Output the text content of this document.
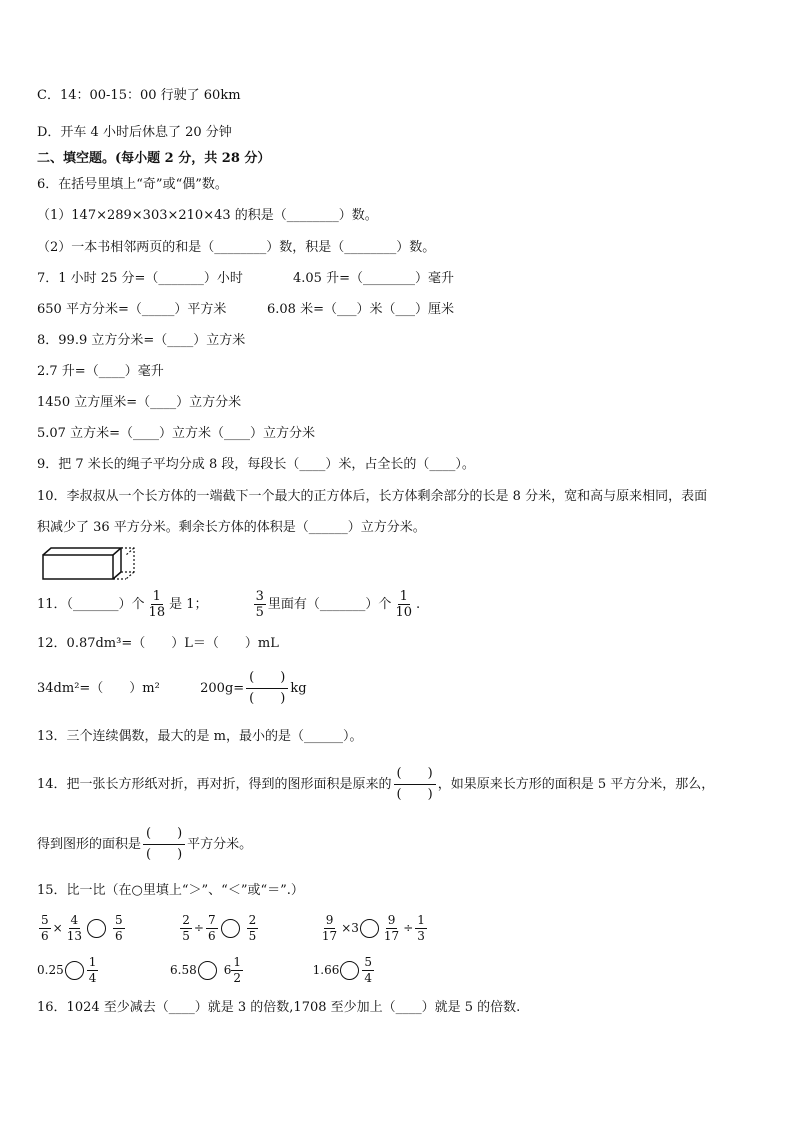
C．14：00-15：00 行驶了 60km
D．开车 4 小时后休息了 20 分钟
二、填空题。(每小题 2 分，共 28 分）
6．在括号里填上“奇”或“偶”数。
（1）147×289×303×210×43 的积是（________）数。
（2）一本书相邻两页的和是（________）数，积是（________）数。
7．1 小时 25 分=（_______）小时	4.05 升=（________）毫升
650 平方分米=（_____）平方米	6.08 米=（___）米（___）厘米
8．99.9 立方分米=（____）立方米
2.7 升=（____）毫升
1450 立方厘米=（____）立方分米
5.07 立方米=（____）立方米（____）立方分米
9．把 7 米长的绳子平均分成 8 段，每段长（____）米，占全长的（____）。
10．李叔叔从一个长方体的一端截下一个最大的正方体后，长方体剩余部分的长是 8 分米，宽和高与原来相同，表面
积减少了 36 平方分米。剩余长方体的体积是（______）立方分米。
11．（_______）个 $\frac{1}{18}$ 是 1；	$\frac{3}{5}$ 里面有（_______）个 $\frac{1}{10}$ .
12．0.87dm³=（　　）L＝（　　）mL
34dm²=（　　）m²	200g=
(　　)
(　　)
kg
13．三个连续偶数，最大的是 m，最小的是（______）。
14．把一张长方形纸对折，再对折，得到的图形面积是原来的
(　　)
(　　)
，如果原来长方形的面积是 5 平方分米，那么，
得到图形的面积是
(　　)
(　　)
平方分米。
15．比一比（在○里填上“＞”、“＜”或“＝”.）
$\frac{5}{6} \times \frac{4}{13} \frac{5}{6}$
	$\frac{2}{5} \div \frac{7}{6} \frac{2}{5}$
	$\frac{9}{17} \times 3 \frac{9}{17} \div \frac{1}{3}$
$0.25 \frac{1}{4}$	6.58 $6 \frac{1}{2}$	$1.66 \frac{5}{4}$
16．1024 至少减去（____）就是 3 的倍数,1708 至少加上（____）就是 5 的倍数.
